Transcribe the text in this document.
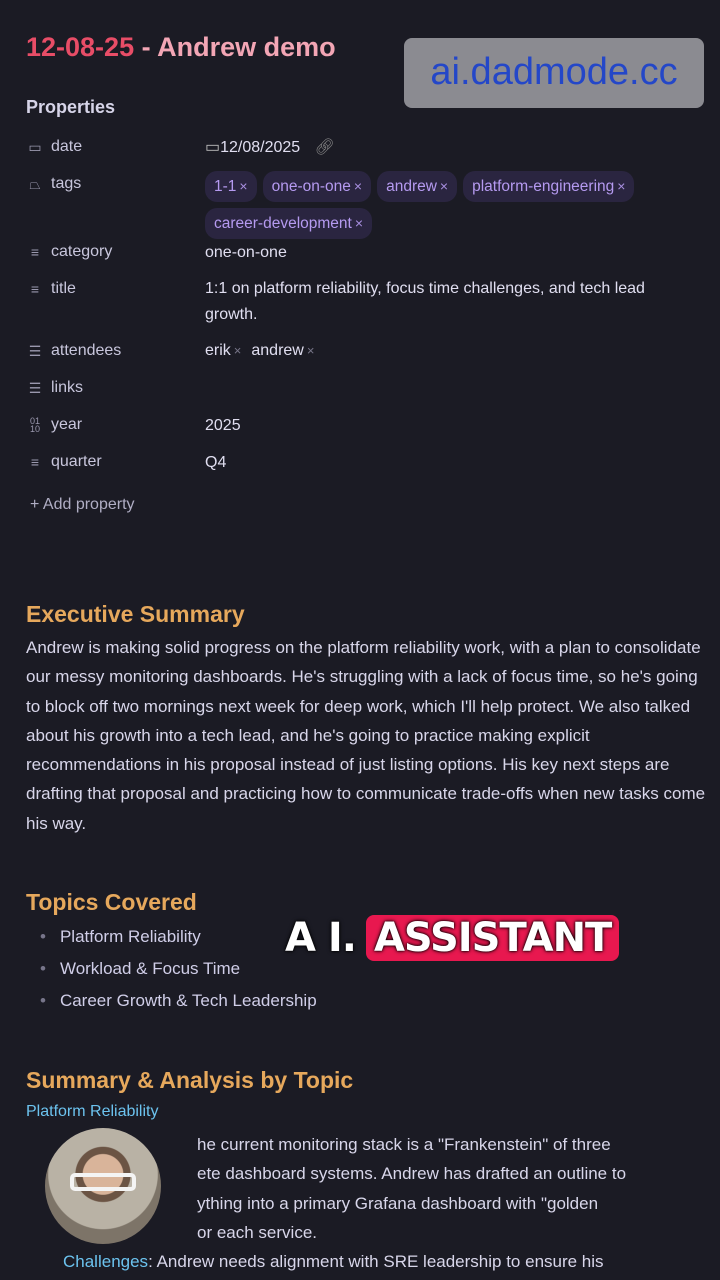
12-08-25 - Andrew demo
ai.dadmode.cc
Properties
▭ date	▭12/08/2025 🔗︎
⏢ tags	1-1 × one-on-one × andrew × platform-engineering ×career-development ×
≡ category	one-on-one
≡ title	1:1 on platform reliability, focus time challenges, and tech lead growth.
☰ attendees	erik × andrew ×
☰ links
01
10 year	2025
≡ quarter	Q4
+ Add property
Executive Summary
Andrew is making solid progress on the platform reliability work, with a plan to consolidate our messy monitoring dashboards. He's struggling with a lack of focus time, so he's going to block off two mornings next week for deep work, which I'll help protect. We also talked about his growth into a tech lead, and he's going to practice making explicit recommendations in his proposal instead of just listing options. His key next steps are drafting that proposal and practicing how to communicate trade-offs when new tasks come his way.
Topics Covered
• Platform Reliability
• Workload & Focus Time
• Career Growth & Tech Leadership
Summary & Analysis by Topic
Platform Reliability
he current monitoring stack is a "Frankenstein" of three
ete dashboard systems. Andrew has drafted an outline to
ything into a primary Grafana dashboard with "golden
or each service.
Challenges: Andrew needs alignment with SRE leadership to ensure his
A I. ASSISTANT
